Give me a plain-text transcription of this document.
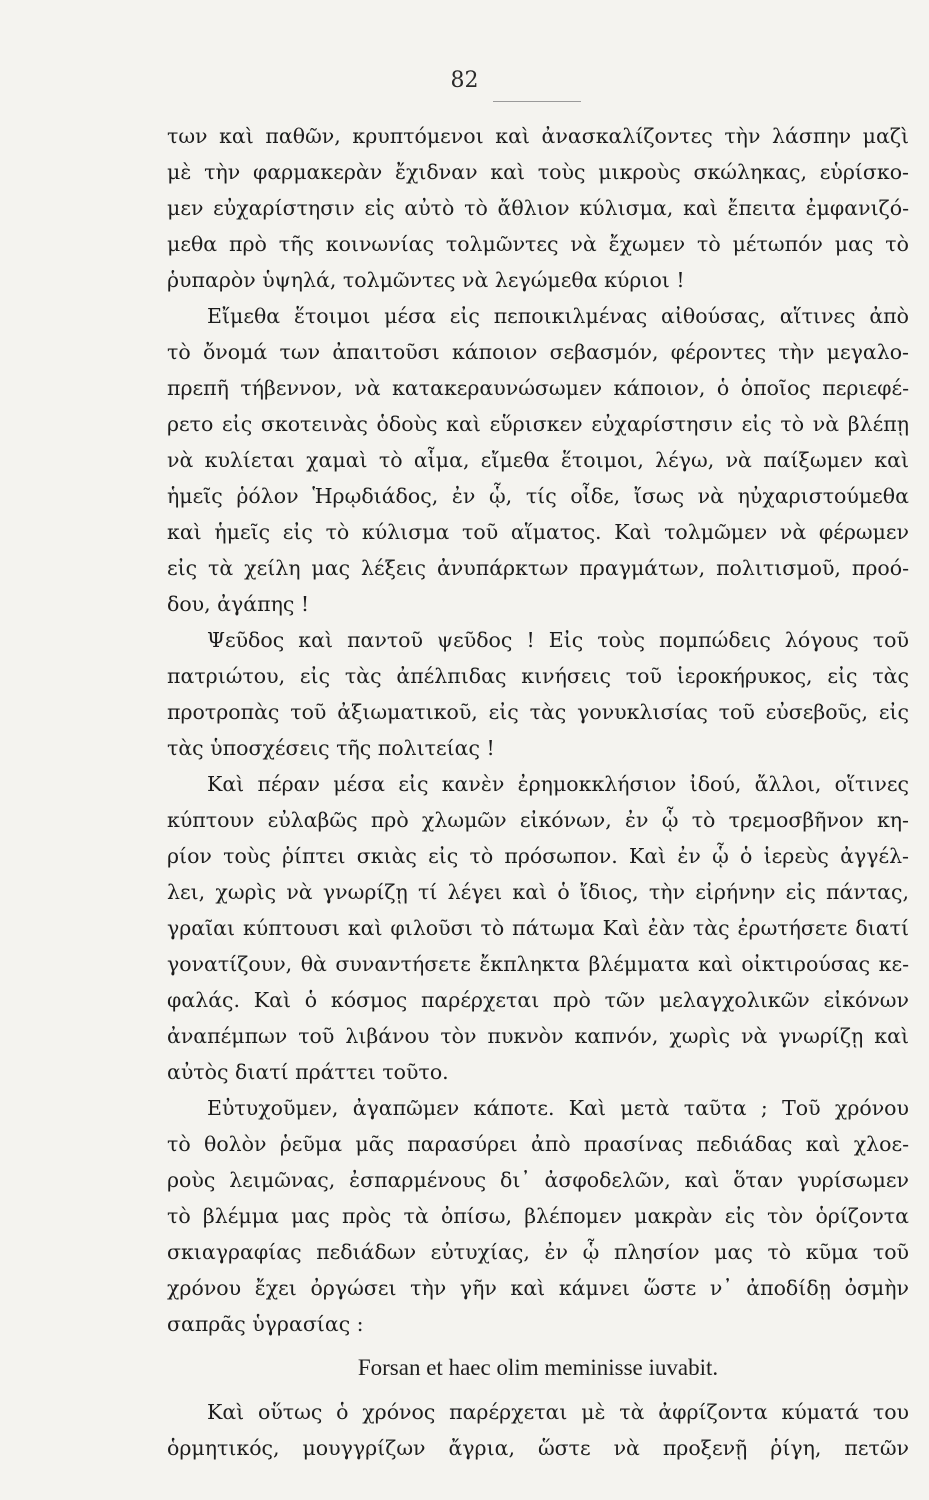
82
των καὶ παθῶν, κρυπτόμενοι καὶ ἀνασκαλίζοντες τὴν λάσπην μαζὶ
μὲ τὴν φαρμακερὰν ἔχιδναν καὶ τοὺς μικροὺς σκώληκας, εὑρίσκο-
μεν εὐχαρίστησιν εἰς αὐτὸ τὸ ἄθλιον κύλισμα, καὶ ἔπειτα ἐμφανιζό-
μεθα πρὸ τῆς κοινωνίας τολμῶντες νὰ ἔχωμεν τὸ μέτωπόν μας τὸ
ῥυπαρὸν ὑψηλά, τολμῶντες νὰ λεγώμεθα κύριοι !
Εἴμεθα ἕτοιμοι μέσα εἰς πεποικιλμένας αἰθούσας, αἵτινες ἀπὸ
τὸ ὄνομά των ἀπαιτοῦσι κάποιον σεβασμόν, φέροντες τὴν μεγαλο-
πρεπῆ τήβεννον, νὰ κατακεραυνώσωμεν κάποιον, ὁ ὁποῖος περιεφέ-
ρετο εἰς σκοτεινὰς ὁδοὺς καὶ εὕρισκεν εὐχαρίστησιν εἰς τὸ νὰ βλέπῃ
νὰ κυλίεται χαμαὶ τὸ αἷμα, εἴμεθα ἕτοιμοι, λέγω, νὰ παίξωμεν καὶ
ἡμεῖς ῥόλον Ἡρῳδιάδος, ἐν ᾧ, τίς οἶδε, ἴσως νὰ ηὐχαριστούμεθα
καὶ ἡμεῖς εἰς τὸ κύλισμα τοῦ αἵματος. Καὶ τολμῶμεν νὰ φέρωμεν
εἰς τὰ χείλη μας λέξεις ἀνυπάρκτων πραγμάτων, πολιτισμοῦ, προό-
δου, ἀγάπης !
Ψεῦδος καὶ παντοῦ ψεῦδος ! Εἰς τοὺς πομπώδεις λόγους τοῦ
πατριώτου, εἰς τὰς ἀπέλπιδας κινήσεις τοῦ ἱεροκήρυκος, εἰς τὰς
προτροπὰς τοῦ ἀξιωματικοῦ, εἰς τὰς γονυκλισίας τοῦ εὐσεβοῦς, εἰς
τὰς ὑποσχέσεις τῆς πολιτείας !
Καὶ πέραν μέσα εἰς κανὲν ἐρημοκκλήσιον ἰδού, ἄλλοι, οἵτινες
κύπτουν εὐλαβῶς πρὸ χλωμῶν εἰκόνων, ἐν ᾧ τὸ τρεμοσβῆνον κη-
ρίον τοὺς ῥίπτει σκιὰς εἰς τὸ πρόσωπον. Καὶ ἐν ᾧ ὁ ἱερεὺς ἀγγέλ-
λει, χωρὶς νὰ γνωρίζῃ τί λέγει καὶ ὁ ἴδιος, τὴν εἰρήνην εἰς πάντας,
γραῖαι κύπτουσι καὶ φιλοῦσι τὸ πάτωμα Καὶ ἐὰν τὰς ἐρωτήσετε διατί
γονατίζουν, θὰ συναντήσετε ἔκπληκτα βλέμματα καὶ οἰκτιρούσας κε-
φαλάς. Καὶ ὁ κόσμος παρέρχεται πρὸ τῶν μελαγχολικῶν εἰκόνων
ἀναπέμπων τοῦ λιβάνου τὸν πυκνὸν καπνόν, χωρὶς νὰ γνωρίζῃ καὶ
αὐτὸς διατί πράττει τοῦτο.
Εὐτυχοῦμεν, ἀγαπῶμεν κάποτε. Καὶ μετὰ ταῦτα ; Τοῦ χρόνου
τὸ θολὸν ῥεῦμα μᾶς παρασύρει ἀπὸ πρασίνας πεδιάδας καὶ χλοε-
ροὺς λειμῶνας, ἐσπαρμένους δι᾿ ἀσφοδελῶν, καὶ ὅταν γυρίσωμεν
τὸ βλέμμα μας πρὸς τὰ ὀπίσω, βλέπομεν μακρὰν εἰς τὸν ὁρίζοντα
σκιαγραφίας πεδιάδων εὐτυχίας, ἐν ᾧ πλησίον μας τὸ κῦμα τοῦ
χρόνου ἔχει ὀργώσει τὴν γῆν καὶ κάμνει ὥστε ν᾿ ἀποδίδῃ ὀσμὴν
σαπρᾶς ὑγρασίας :
Forsan et haec olim meminisse iuvabit.
Καὶ οὕτως ὁ χρόνος παρέρχεται μὲ τὰ ἀφρίζοντα κύματά του
ὁρμητικός, μουγγρίζων ἄγρια, ὥστε νὰ προξενῇ ῥίγη, πετῶν
